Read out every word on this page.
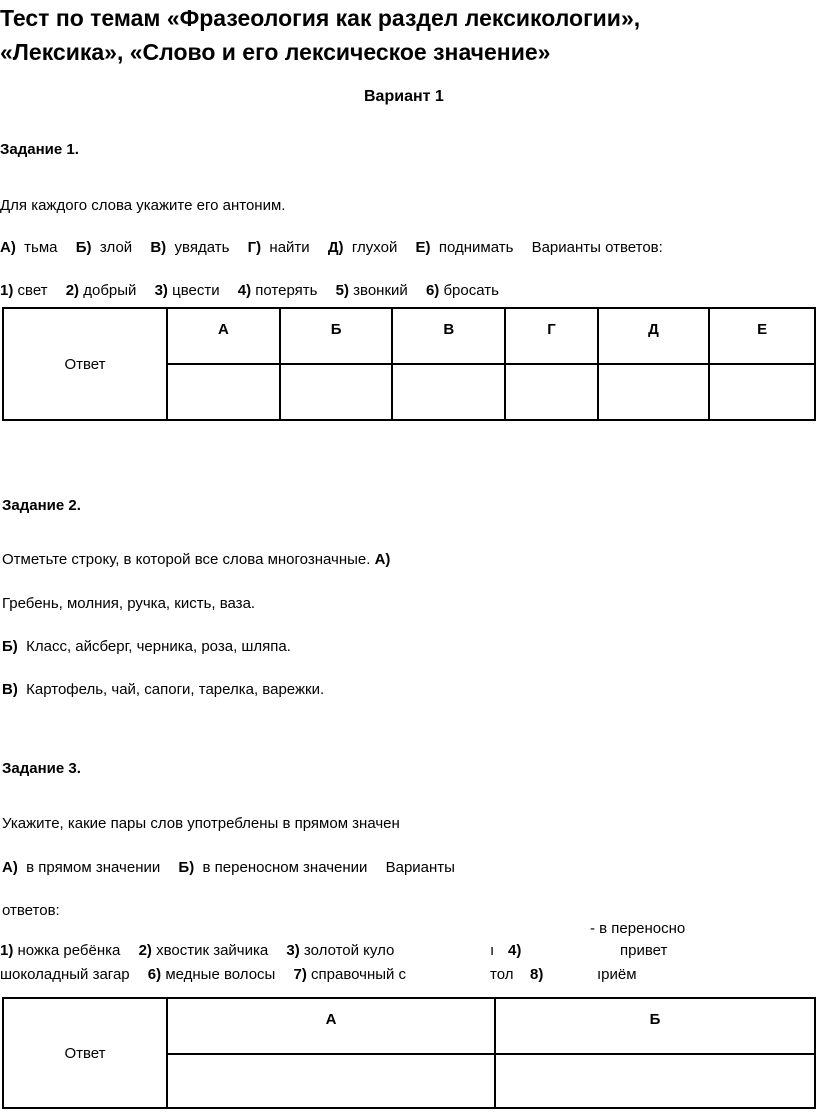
Тест по темам «Фразеология как раздел лексикологии»,
«Лексика», «Слово и его лексическое значение»
Вариант 1
Задание 1.
Для каждого слова укажите его антоним.
А) тьма Б) злой В) увядать Г) найти Д) глухой Е) поднимать Варианты ответов:
1) свет 2) добрый 3) цвести 4) потерять 5) звонкий 6) бросать
Ответ	А	Б	В	Г	Д	Е

Задание 2.
Отметьте строку, в которой все слова многозначные. А)
Гребень, молния, ручка, кисть, ваза.
Б) Класс, айсберг, черника, роза, шляпа.
В) Картофель, чай, сапоги, тарелка, варежки.
Задание 3.
Укажите, какие пары слов употреблены в прямом значен
А) в прямом значении Б) в переносном значении Варианты
ответов:
- в переносно
1) ножка ребёнка 2) хвостик зайчика 3) золотой куло	ı 4)	привет
шоколадный загар 6) медные волосы 7) справочный с	тол 8)	ıриём
Ответ	А	Б
